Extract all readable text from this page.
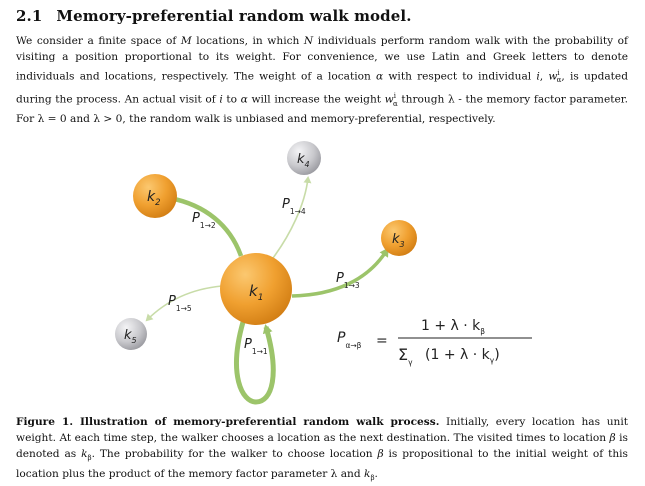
2.1 Memory-preferential random walk model.
We consider a finite space of M locations, in which N individuals perform random walk with the probability of visiting a position proportional to its weight. For convenience, we use Latin and Greek letters to denote individuals and locations, respectively. The weight of a location α with respect to individual i, $w^i_\alpha$, is updated during the process. An actual visit of i to α will increase the weight $w^i_\alpha$ through λ - the memory factor parameter. For λ = 0 and λ > 0, the random walk is unbiased and memory-preferential, respectively.
$k_1$
$k_2$
$k_3$
$k_4$
$k_5$
$P_{1\to 2}$
$P_{1\to 4}$
$P_{1\to 3}$
$P_{1\to 5}$
$P_{1\to 1}$
$P_{\alpha\to\beta}$ =
$1 + \lambda \cdot k_\beta$
$\Sigma_\gamma$ $(1 + \lambda \cdot k_\gamma)$
Figure 1. Illustration of memory-preferential random walk process. Initially, every location has unit weight. At each time step, the walker chooses a location as the next destination. The visited times to location β is denoted as $k_\beta$. The probability for the walker to choose location β is propositional to the initial weight of this location plus the product of the memory factor parameter λ and $k_\beta$.
